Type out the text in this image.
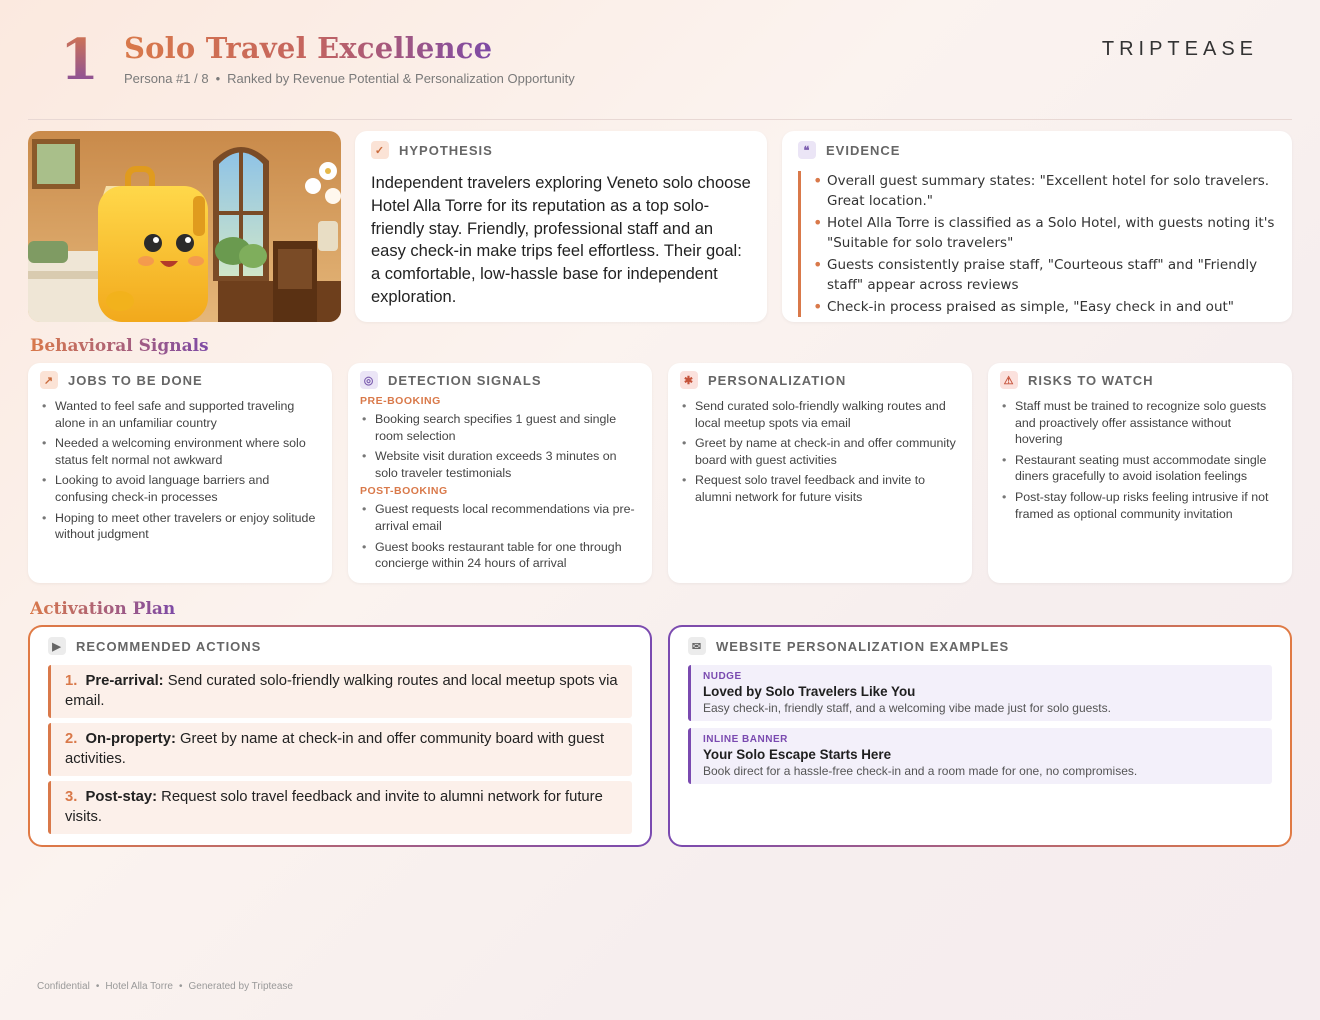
1 Solo Travel Excellence
Persona #1 / 8 • Ranked by Revenue Potential & Personalization Opportunity
TRIPTEASE
✓ HYPOTHESIS
Independent travelers exploring Veneto solo choose Hotel Alla Torre for its reputation as a top solo-friendly stay. Friendly, professional staff and an easy check-in make trips feel effortless. Their goal: a comfortable, low-hassle base for independent exploration.
❝	EVIDENCE
• Overall guest summary states: "Excellent hotel for solo travelers. Great location."
• Hotel Alla Torre is classified as a Solo Hotel, with guests noting it's "Suitable for solo travelers"
• Guests consistently praise staff, "Courteous staff" and "Friendly staff" appear across reviews
• Check-in process praised as simple, "Easy check in and out"
Behavioral Signals
↗ JOBS TO BE DONE
• Wanted to feel safe and supported traveling alone in an unfamiliar country
• Needed a welcoming environment where solo status felt normal not awkward
• Looking to avoid language barriers and confusing check-in processes
• Hoping to meet other travelers or enjoy solitude without judgment
◎ DETECTION SIGNALS
PRE-BOOKING
• Booking search specifies 1 guest and single room selection
• Website visit duration exceeds 3 minutes on solo traveler testimonials
POST-BOOKING
• Guest requests local recommendations via pre-arrival email
• Guest books restaurant table for one through concierge within 24 hours of arrival
✱ PERSONALIZATION
• Send curated solo-friendly walking routes and local meetup spots via email
• Greet by name at check-in and offer community board with guest activities
• Request solo travel feedback and invite to alumni network for future visits
⚠ RISKS TO WATCH
• Staff must be trained to recognize solo guests and proactively offer assistance without hovering
• Restaurant seating must accommodate single diners gracefully to avoid isolation feelings
• Post-stay follow-up risks feeling intrusive if not framed as optional community invitation
Activation Plan
▶	RECOMMENDED ACTIONS
1. Pre-arrival: Send curated solo-friendly walking routes and local meetup spots via email.
2. On-property: Greet by name at check-in and offer community board with guest activities.
3. Post-stay: Request solo travel feedback and invite to alumni network for future visits.
✉ WEBSITE PERSONALIZATION EXAMPLES
NUDGE
Loved by Solo Travelers Like You
Easy check-in, friendly staff, and a welcoming vibe made just for solo guests.
INLINE BANNER
Your Solo Escape Starts Here
Book direct for a hassle-free check-in and a room made for one, no compromises.
Confidential • Hotel Alla Torre • Generated by Triptease
